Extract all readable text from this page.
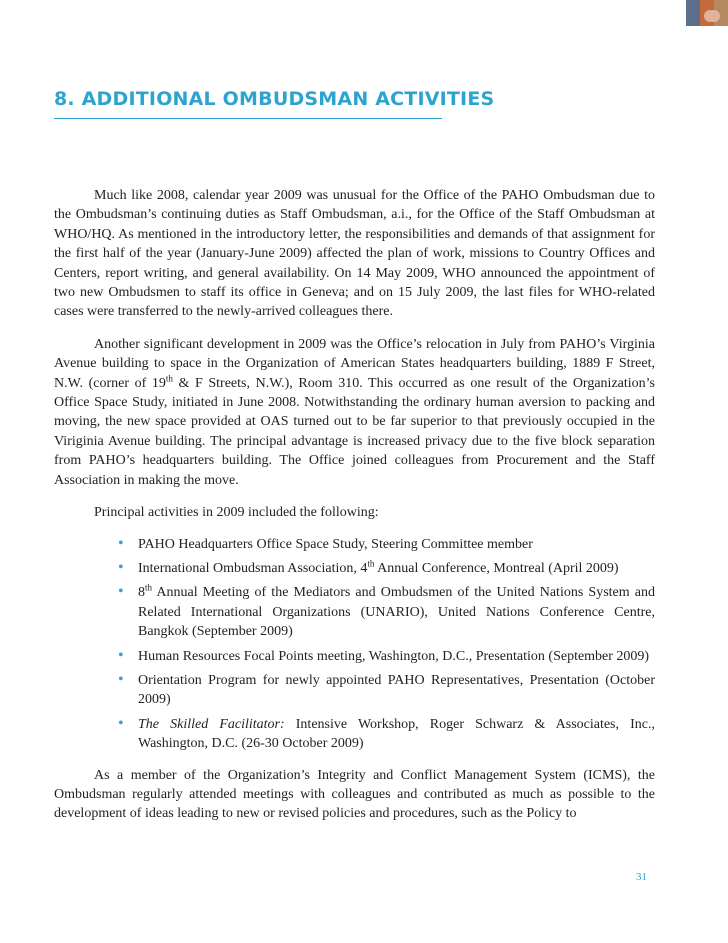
8. ADDITIONAL OMBUDSMAN ACTIVITIES

Much like 2008, calendar year 2009 was unusual for the Office of the PAHO Ombudsman due to the Ombudsman’s continuing duties as Staff Ombudsman, a.i., for the Office of the Staff Ombudsman at WHO/HQ. As mentioned in the introductory letter, the responsibilities and demands of that assignment for the first half of the year (January-June 2009) affected the plan of work, missions to Country Offices and Centers, report writing, and general availability. On 14 May 2009, WHO announced the appointment of two new Ombudsmen to staff its office in Geneva; and on 15 July 2009, the last files for WHO-related cases were transferred to the newly-arrived colleagues there.

Another significant development in 2009 was the Office’s relocation in July from PAHO’s Virginia Avenue building to space in the Organization of American States headquarters building, 1889 F Street, N.W. (corner of 19th & F Streets, N.W.), Room 310. This occurred as one result of the Organization’s Office Space Study, initiated in June 2008. Notwithstanding the ordinary human aversion to packing and moving, the new space provided at OAS turned out to be far superior to that previously occupied in the Viriginia Avenue building. The principal advantage is increased privacy due to the five block separation from PAHO’s headquarters building. The Office joined colleagues from Procurement and the Staff Association in making the move.

Principal activities in 2009 included the following:

• PAHO Headquarters Office Space Study, Steering Committee member
• International Ombudsman Association, 4th Annual Conference, Montreal (April 2009)
• 8th Annual Meeting of the Mediators and Ombudsmen of the United Nations System and Related International Organizations (UNARIO), United Nations Conference Centre, Bangkok (September 2009)
• Human Resources Focal Points meeting, Washington, D.C., Presentation (September 2009)
• Orientation Program for newly appointed PAHO Representatives, Presentation (October 2009)
• The Skilled Facilitator: Intensive Workshop, Roger Schwarz & Associates, Inc., Washington, D.C. (26-30 October 2009)

As a member of the Organization’s Integrity and Conflict Management System (ICMS), the Ombudsman regularly attended meetings with colleagues and contributed as much as possible to the development of ideas leading to new or revised policies and procedures, such as the Policy to

31
